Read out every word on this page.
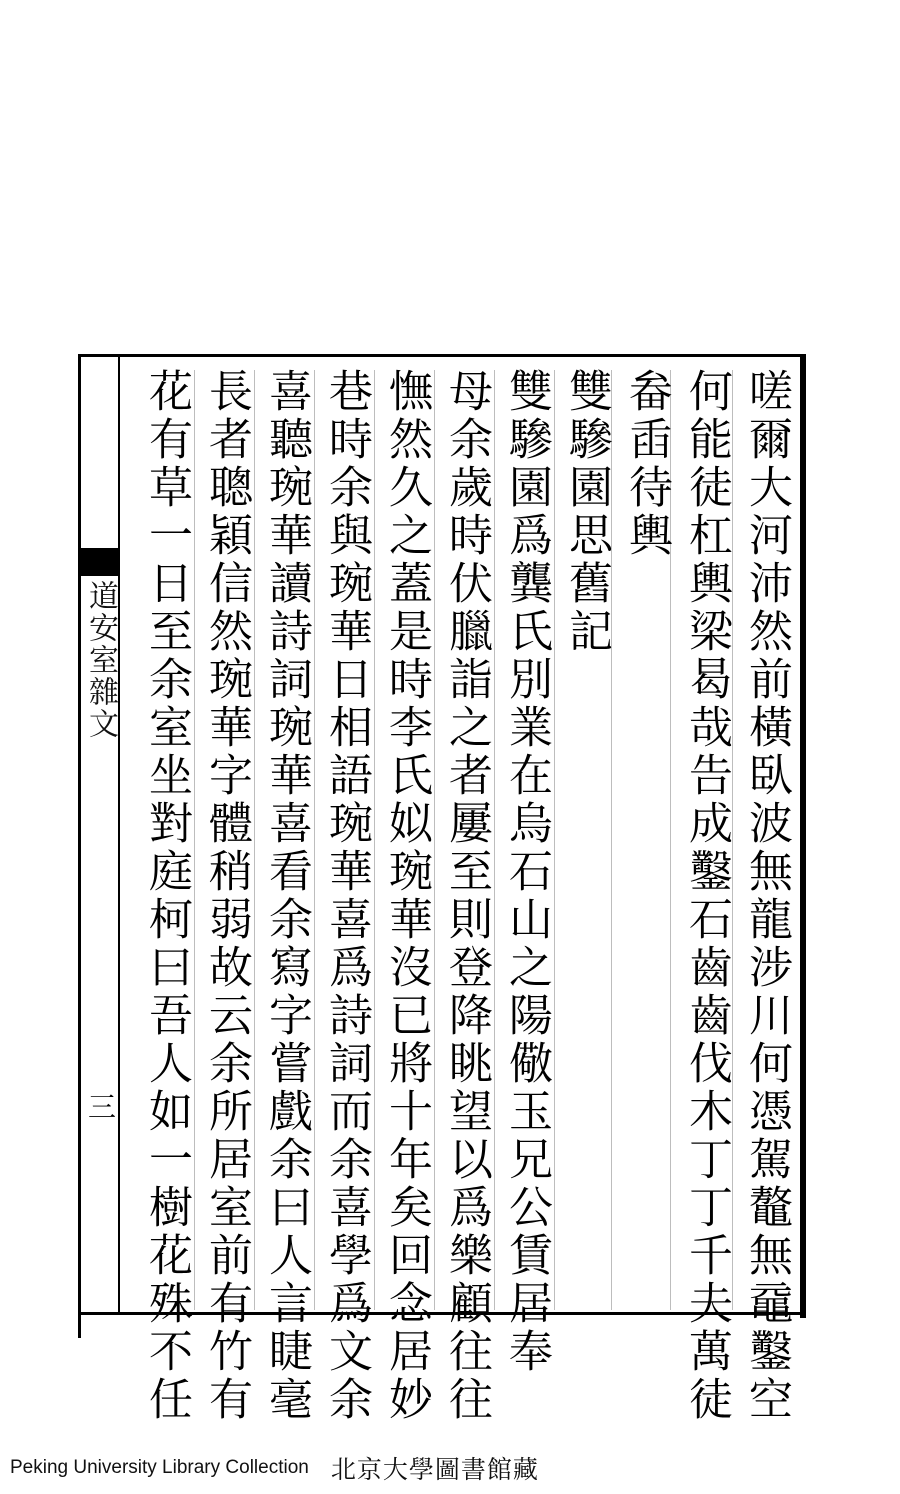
嗟爾大河沛然前橫臥波無龍涉川何憑駕鼇無黿鑿空
何能徒杠輿梁曷哉告成鑿石齒齒伐木丁丁千夫萬徒
畚臿待輿
雙驂園思舊記
雙驂園爲龔氏別業在烏石山之陽儆玉兄公賃居奉
母余歲時伏臘詣之者屢至則登降眺望以爲樂顧往往
憮然久之蓋是時李氏姒琬華沒已將十年矣回念居妙
巷時余與琬華日相語琬華喜爲詩詞而余喜學爲文余
喜聽琬華讀詩詞琬華喜看余寫字嘗戲余曰人言睫毫
長者聰穎信然琬華字體稍弱故云余所居室前有竹有
花有草一日至余室坐對庭柯曰吾人如一樹花殊不任
道安室雜文
三
Peking University Library Collection 北京大學圖書館藏
